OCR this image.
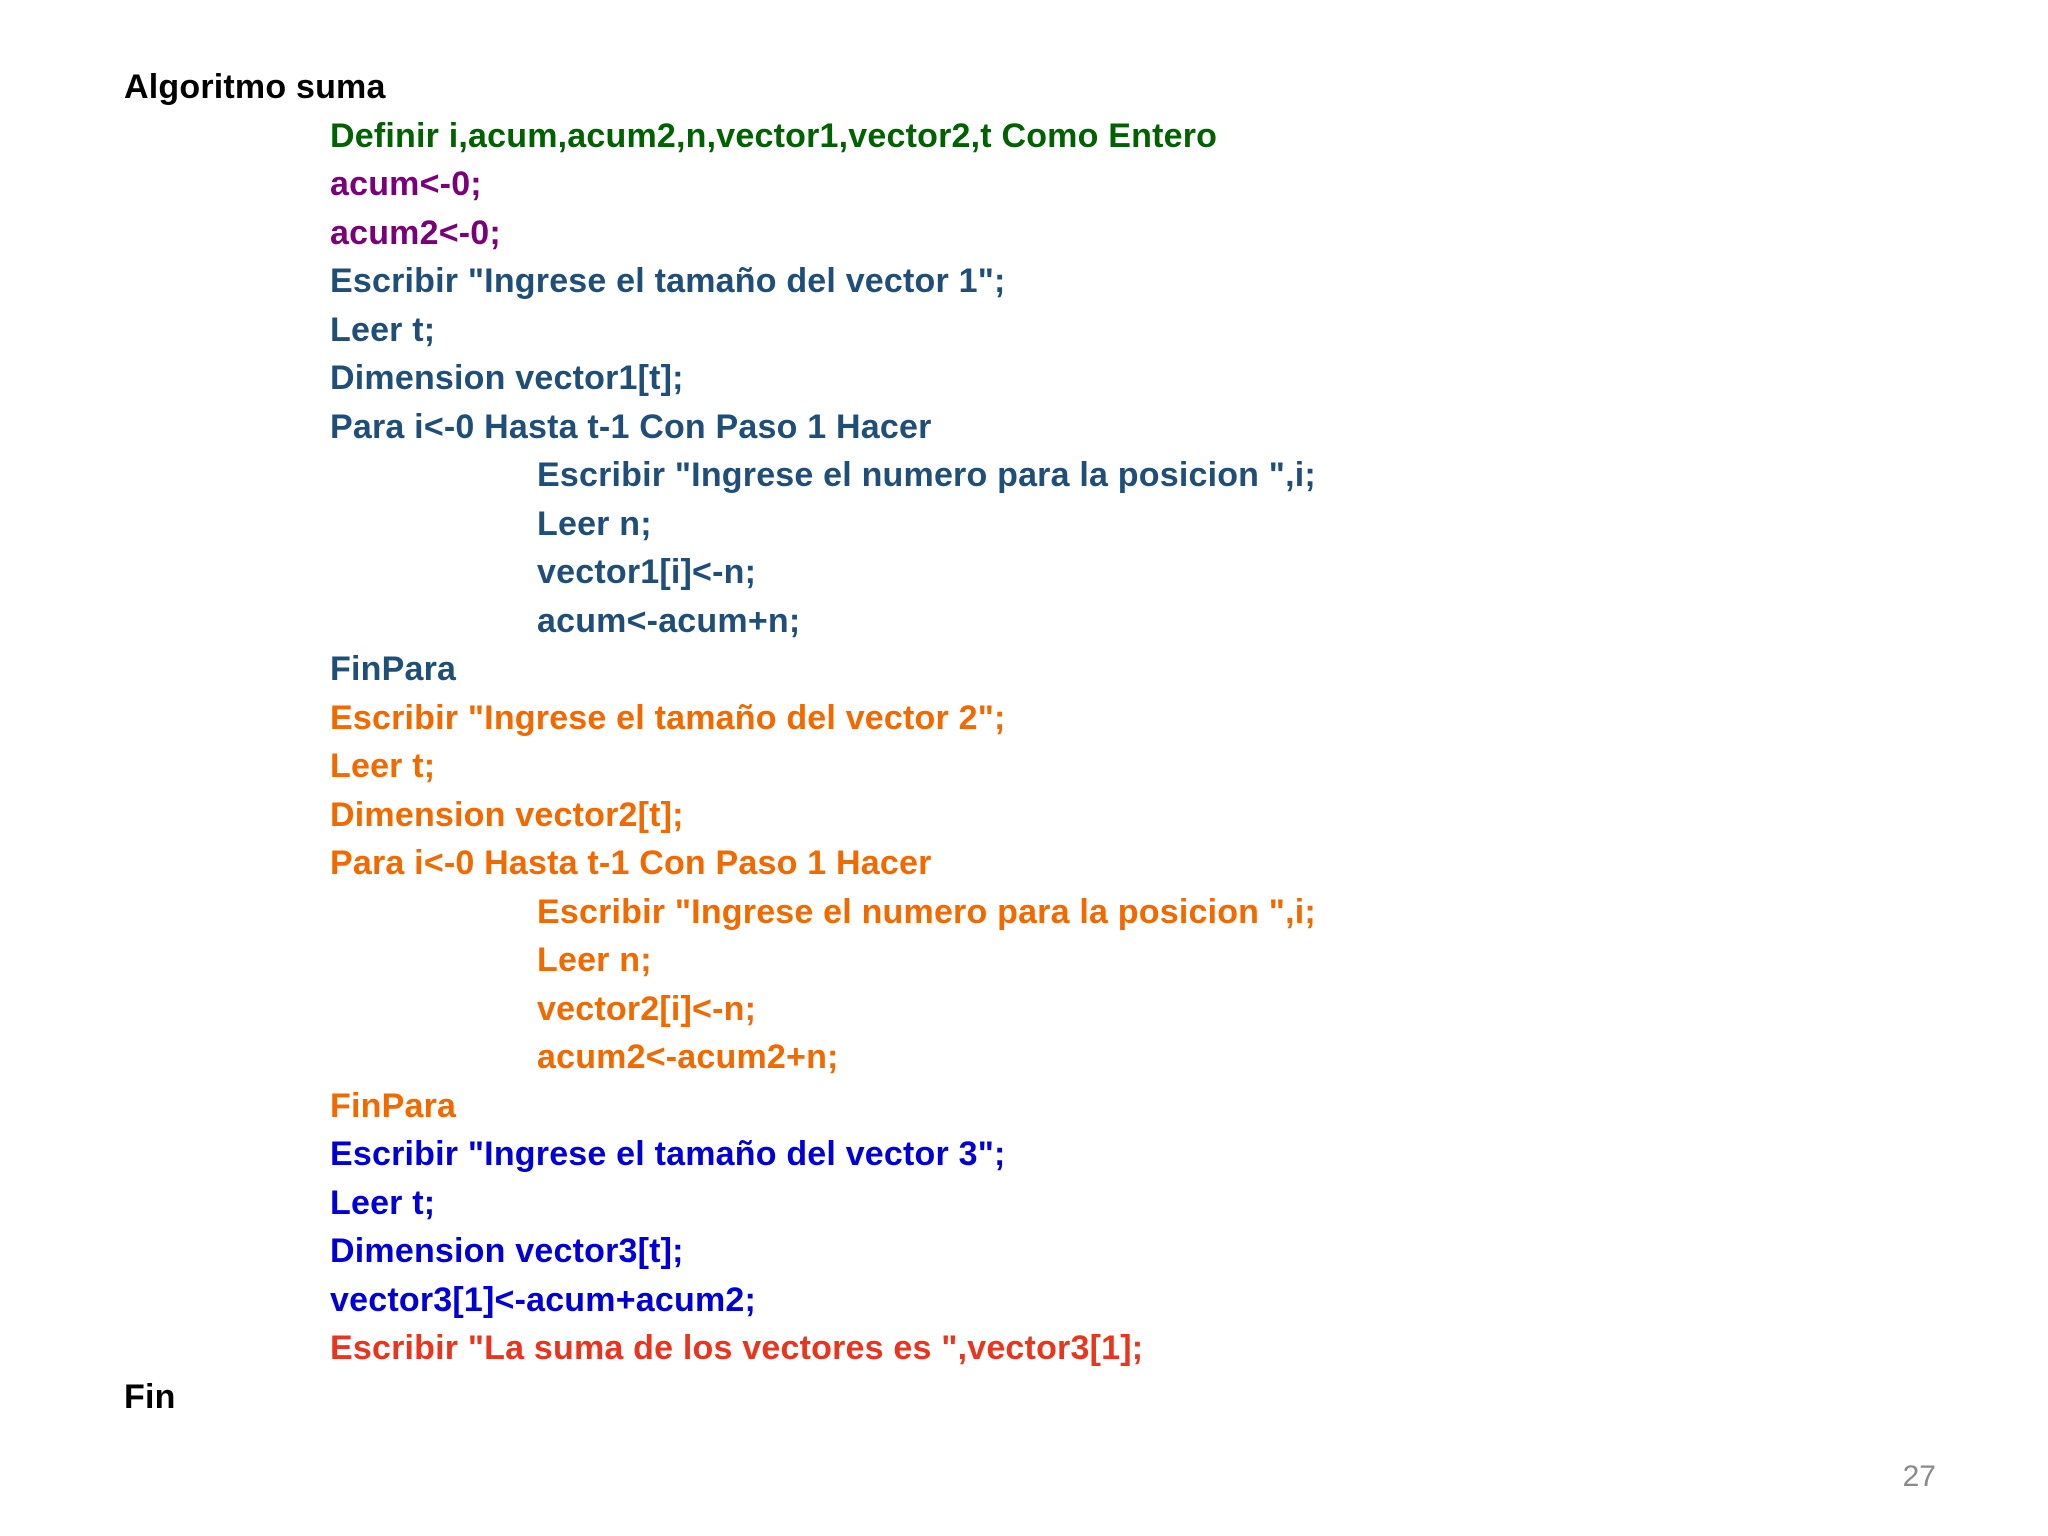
Algoritmo suma
Definir i,acum,acum2,n,vector1,vector2,t Como Entero
acum<-0;
acum2<-0;
Escribir "Ingrese el tamaño del vector 1";
Leer t;
Dimension vector1[t];
Para i<-0 Hasta t-1 Con Paso 1 Hacer
Escribir "Ingrese el numero para la posicion ",i;
Leer n;
vector1[i]<-n;
acum<-acum+n;
FinPara
Escribir "Ingrese el tamaño del vector 2";
Leer t;
Dimension vector2[t];
Para i<-0 Hasta t-1 Con Paso 1 Hacer
Escribir "Ingrese el numero para la posicion ",i;
Leer n;
vector2[i]<-n;
acum2<-acum2+n;
FinPara
Escribir "Ingrese el tamaño del vector 3";
Leer t;
Dimension vector3[t];
vector3[1]<-acum+acum2;
Escribir "La suma de los vectores es ",vector3[1];
Fin
27
